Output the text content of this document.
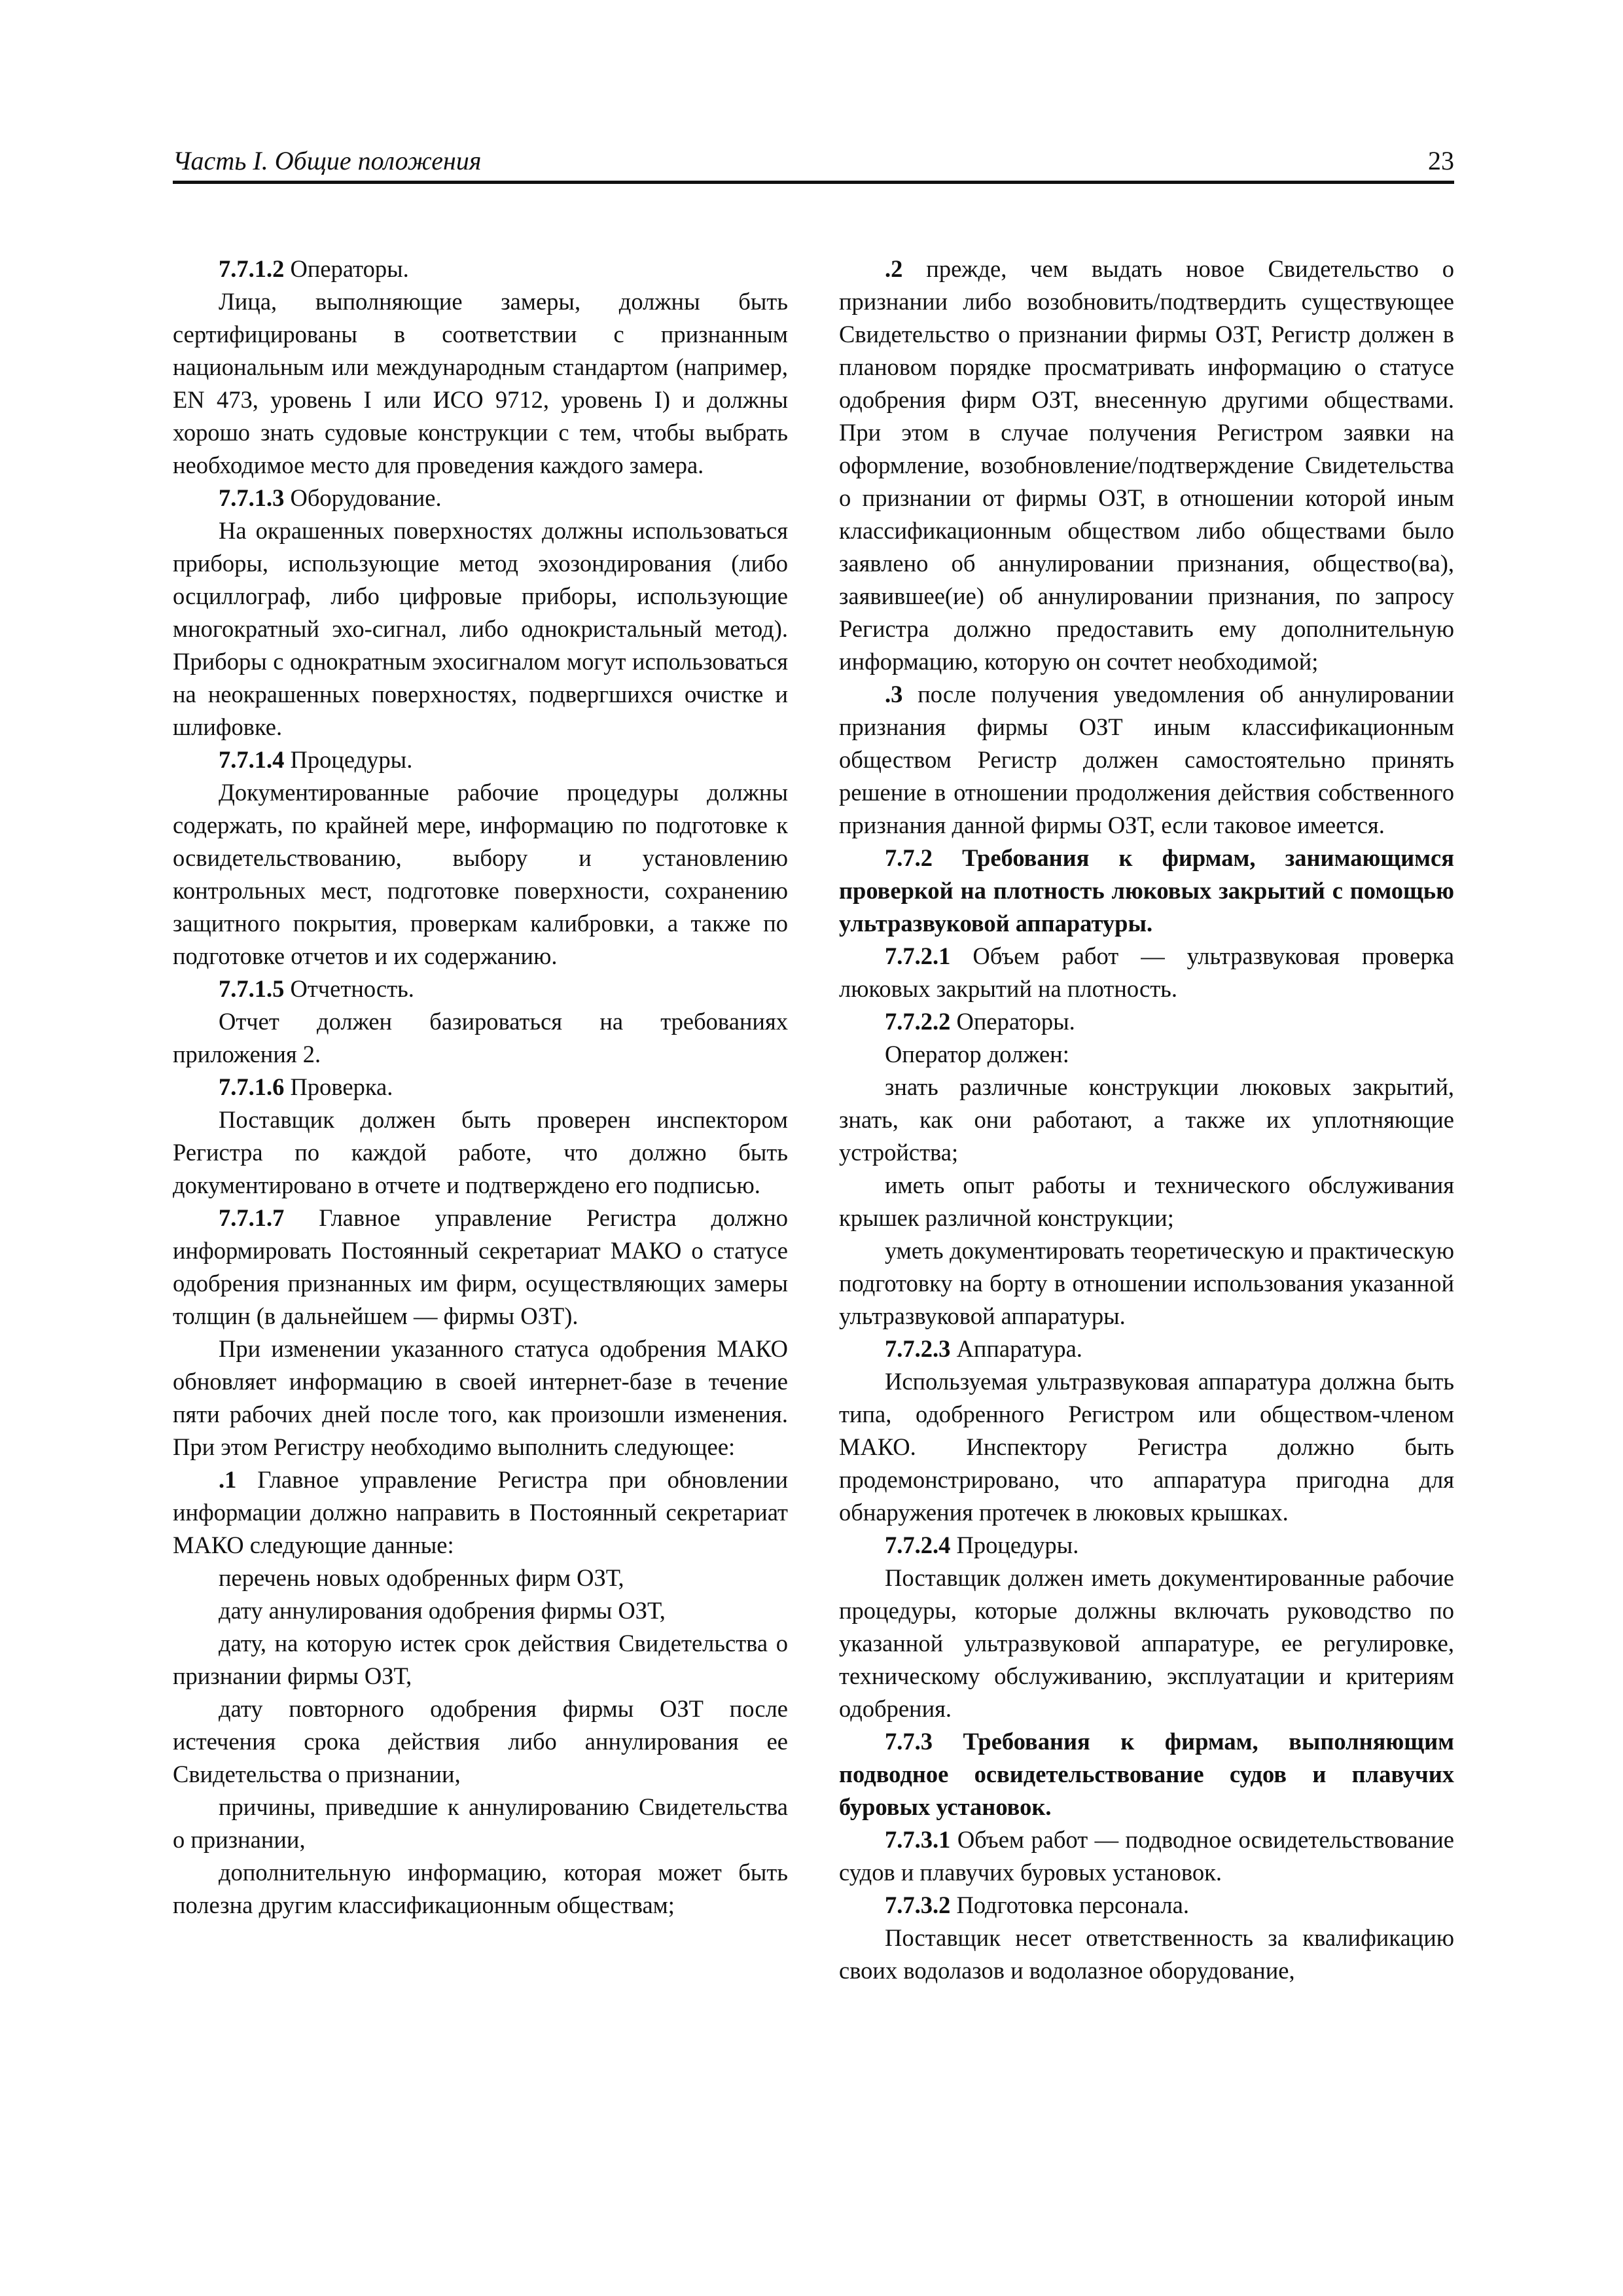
Часть I. Общие положения	23

7.7.1.2 Операторы.

Лица, выполняющие замеры, должны быть сертифицированы в соответствии с признанным национальным или международным стандартом (например, EN 473, уровень I или ИСО 9712, уровень I) и должны хорошо знать судовые конструкции с тем, чтобы выбрать необходимое место для проведения каждого замера.

7.7.1.3 Оборудование.

На окрашенных поверхностях должны использоваться приборы, использующие метод эхозондирования (либо осциллограф, либо цифровые приборы, использующие многократный эхо-сигнал, либо однокристальный метод). Приборы с однократным эхосигналом могут использоваться на неокрашенных поверхностях, подвергшихся очистке и шлифовке.

7.7.1.4 Процедуры.

Документированные рабочие процедуры должны содержать, по крайней мере, информацию по подготовке к освидетельствованию, выбору и установлению контрольных мест, подготовке поверхности, сохранению защитного покрытия, проверкам калибровки, а также по подготовке отчетов и их содержанию.

7.7.1.5 Отчетность.

Отчет должен базироваться на требованиях приложения 2.

7.7.1.6 Проверка.

Поставщик должен быть проверен инспектором Регистра по каждой работе, что должно быть документировано в отчете и подтверждено его подписью.

7.7.1.7 Главное управление Регистра должно информировать Постоянный секретариат МАКО о статусе одобрения признанных им фирм, осуществляющих замеры толщин (в дальнейшем — фирмы ОЗТ).

При изменении указанного статуса одобрения МАКО обновляет информацию в своей интернет-базе в течение пяти рабочих дней после того, как произошли изменения. При этом Регистру необходимо выполнить следующее:

.1 Главное управление Регистра при обновлении информации должно направить в Постоянный секретариат МАКО следующие данные:

перечень новых одобренных фирм ОЗТ,

дату аннулирования одобрения фирмы ОЗТ,

дату, на которую истек срок действия Свидетельства о признании фирмы ОЗТ,

дату повторного одобрения фирмы ОЗТ после истечения срока действия либо аннулирования ее Свидетельства о признании,

причины, приведшие к аннулированию Свидетельства о признании,

дополнительную информацию, которая может быть полезна другим классификационным обществам;

.2 прежде, чем выдать новое Свидетельство о признании либо возобновить/подтвердить существующее Свидетельство о признании фирмы ОЗТ, Регистр должен в плановом порядке просматривать информацию о статусе одобрения фирм ОЗТ, внесенную другими обществами. При этом в случае получения Регистром заявки на оформление, возобновление/подтверждение Свидетельства о признании от фирмы ОЗТ, в отношении которой иным классификационным обществом либо обществами было заявлено об аннулировании признания, общество(ва), заявившее(ие) об аннулировании признания, по запросу Регистра должно предоставить ему дополнительную информацию, которую он сочтет необходимой;

.3 после получения уведомления об аннулировании признания фирмы ОЗТ иным классификационным обществом Регистр должен самостоятельно принять решение в отношении продолжения действия собственного признания данной фирмы ОЗТ, если таковое имеется.

7.7.2 Требования к фирмам, занимающимся проверкой на плотность люковых закрытий с помощью ультразвуковой аппаратуры.

7.7.2.1 Объем работ — ультразвуковая проверка люковых закрытий на плотность.

7.7.2.2 Операторы.

Оператор должен:

знать различные конструкции люковых закрытий, знать, как они работают, а также их уплотняющие устройства;

иметь опыт работы и технического обслуживания крышек различной конструкции;

уметь документировать теоретическую и практическую подготовку на борту в отношении использования указанной ультразвуковой аппаратуры.

7.7.2.3 Аппаратура.

Используемая ультразвуковая аппаратура должна быть типа, одобренного Регистром или обществом-членом МАКО. Инспектору Регистра должно быть продемонстрировано, что аппаратура пригодна для обнаружения протечек в люковых крышках.

7.7.2.4 Процедуры.

Поставщик должен иметь документированные рабочие процедуры, которые должны включать руководство по указанной ультразвуковой аппаратуре, ее регулировке, техническому обслуживанию, эксплуатации и критериям одобрения.

7.7.3 Требования к фирмам, выполняющим подводное освидетельствование судов и плавучих буровых установок.

7.7.3.1 Объем работ — подводное освидетельствование судов и плавучих буровых установок.

7.7.3.2 Подготовка персонала.

Поставщик несет ответственность за квалификацию своих водолазов и водолазное оборудование,
